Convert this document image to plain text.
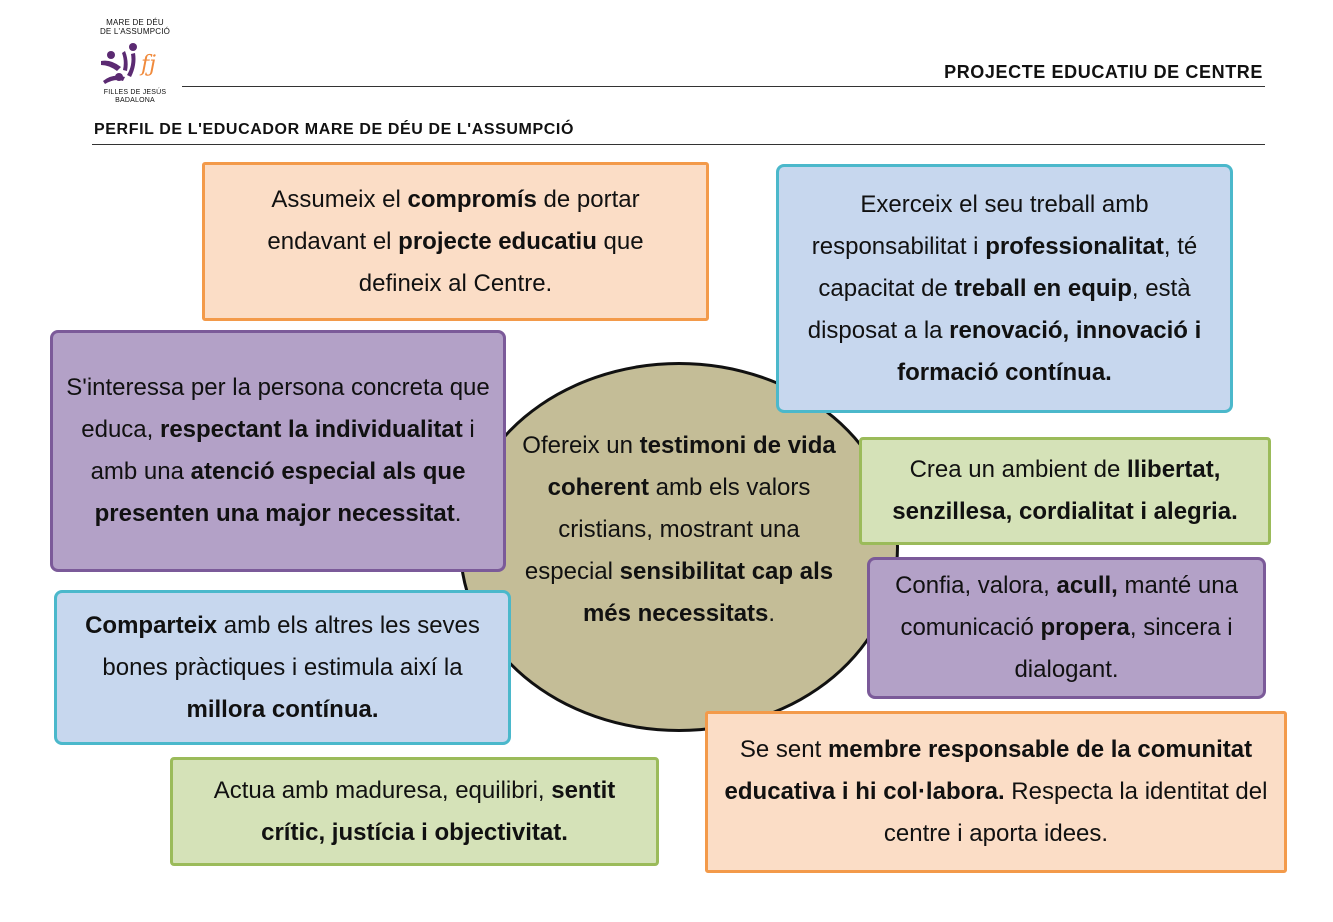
MARE DE DÉU
DE L'ASSUMPCIÓ
fj
FILLES DE JESÚS
BADALONA
PROJECTE EDUCATIU DE CENTRE
PERFIL DE L'EDUCADOR MARE DE DÉU DE L'ASSUMPCIÓ
Ofereix un testimoni de vida coherent amb els valors cristians, mostrant una especial sensibilitat cap als més necessitats.
Assumeix el compromís de portar endavant el projecte educatiu que defineix al Centre.
Exerceix el seu treball amb responsabilitat i professionalitat, té capacitat de treball en equip, està disposat a la renovació, innovació i formació contínua.
S'interessa per la persona concreta que educa, respectant la individualitat i amb una atenció especial als que presenten una major necessitat.
Crea un ambient de llibertat, senzillesa, cordialitat i alegria.
Confia, valora, acull, manté una comunicació propera, sincera i dialogant.
Comparteix amb els altres les seves bones pràctiques i estimula així la millora contínua.
Se sent membre responsable de la comunitat educativa i hi col·labora. Respecta la identitat del centre i aporta idees.
Actua amb maduresa, equilibri, sentit crític, justícia i objectivitat.
